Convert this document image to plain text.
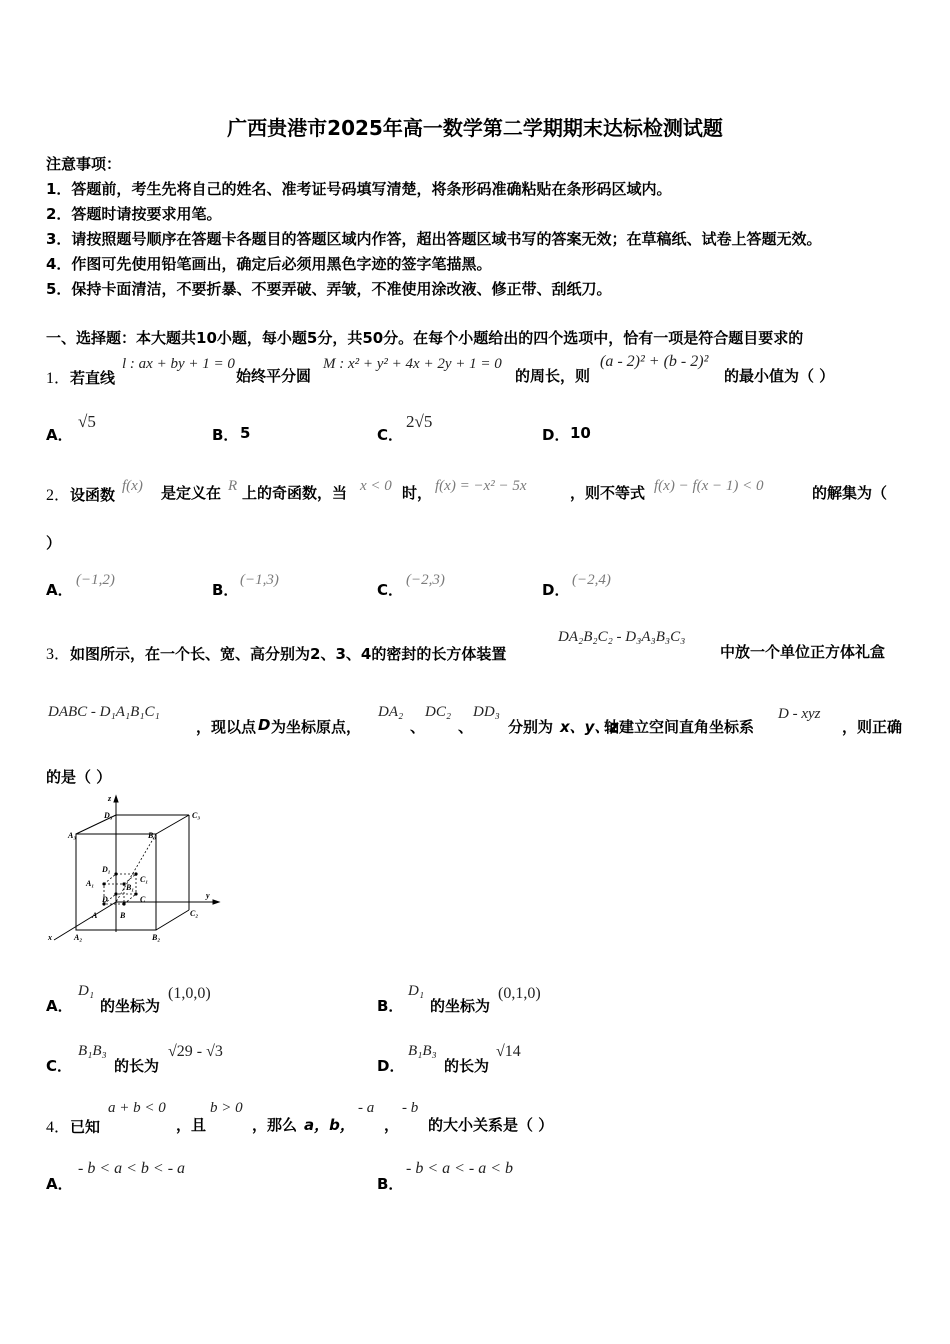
广西贵港市2025年高一数学第二学期期末达标检测试题
注意事项：
1．答题前，考生先将自己的姓名、准考证号码填写清楚，将条形码准确粘贴在条形码区域内。
2．答题时请按要求用笔。
3．请按照题号顺序在答题卡各题目的答题区域内作答，超出答题区域书写的答案无效；在草稿纸、试卷上答题无效。
4．作图可先使用铅笔画出，确定后必须用黑色字迹的签字笔描黑。
5．保持卡面清洁，不要折暴、不要弄破、弄皱，不准使用涂改液、修正带、刮纸刀。
一、选择题：本大题共10小题，每小题5分，共50分。在每个小题给出的四个选项中，恰有一项是符合题目要求的
1．若直线
l : ax + by + 1 = 0
始终平分圆
M : x² + y² + 4x + 2y + 1 = 0
的周长，则
(a - 2)² + (b - 2)²
的最小值为（ ）
A．
√5
B． 5	C．
2√5
D． 10
2．设函数 f(x) 是定义在 R 上的奇函数，当 x < 0 时， f(x) = −x² − 5x	，则不等式 f(x) − f(x − 1) < 0	的解集为（
）
A．
(−1,2)
B．
(−1,3)
C．
(−2,3)
D．
(−2,4)
3．如图所示，在一个长、宽、高分别为2、3、4的密封的长方体装置
DA₂B₂C₂ - D₃A₃B₃C₃
中放一个单位正方体礼盒
DABC - D₁A₁B₁C₁
，现以点 D 为坐标原点，
DA₂
、
DC₂
、
DD₃
分别为 x、y、z
轴建立空间直角坐标系
D - xyz
，则正确
的是（ ）
z
D₃	C₃
A₃	B₃
D₁
A₁	C₁
B₁
D	C
A	B
y
C₂
x	A₂	B₂
A．
D₁
的坐标为
(1,0,0)
B．
D₁
的坐标为
(0,1,0)
C．
B₁B₃
的长为
√29 - √3
D．
B₁B₃
的长为
√14
4．已知
a + b < 0
，且
b > 0
，那么 a，b，
- a
，
- b
的大小关系是（ ）
A．
- b < a < b < - a
B．
- b < a < - a < b
